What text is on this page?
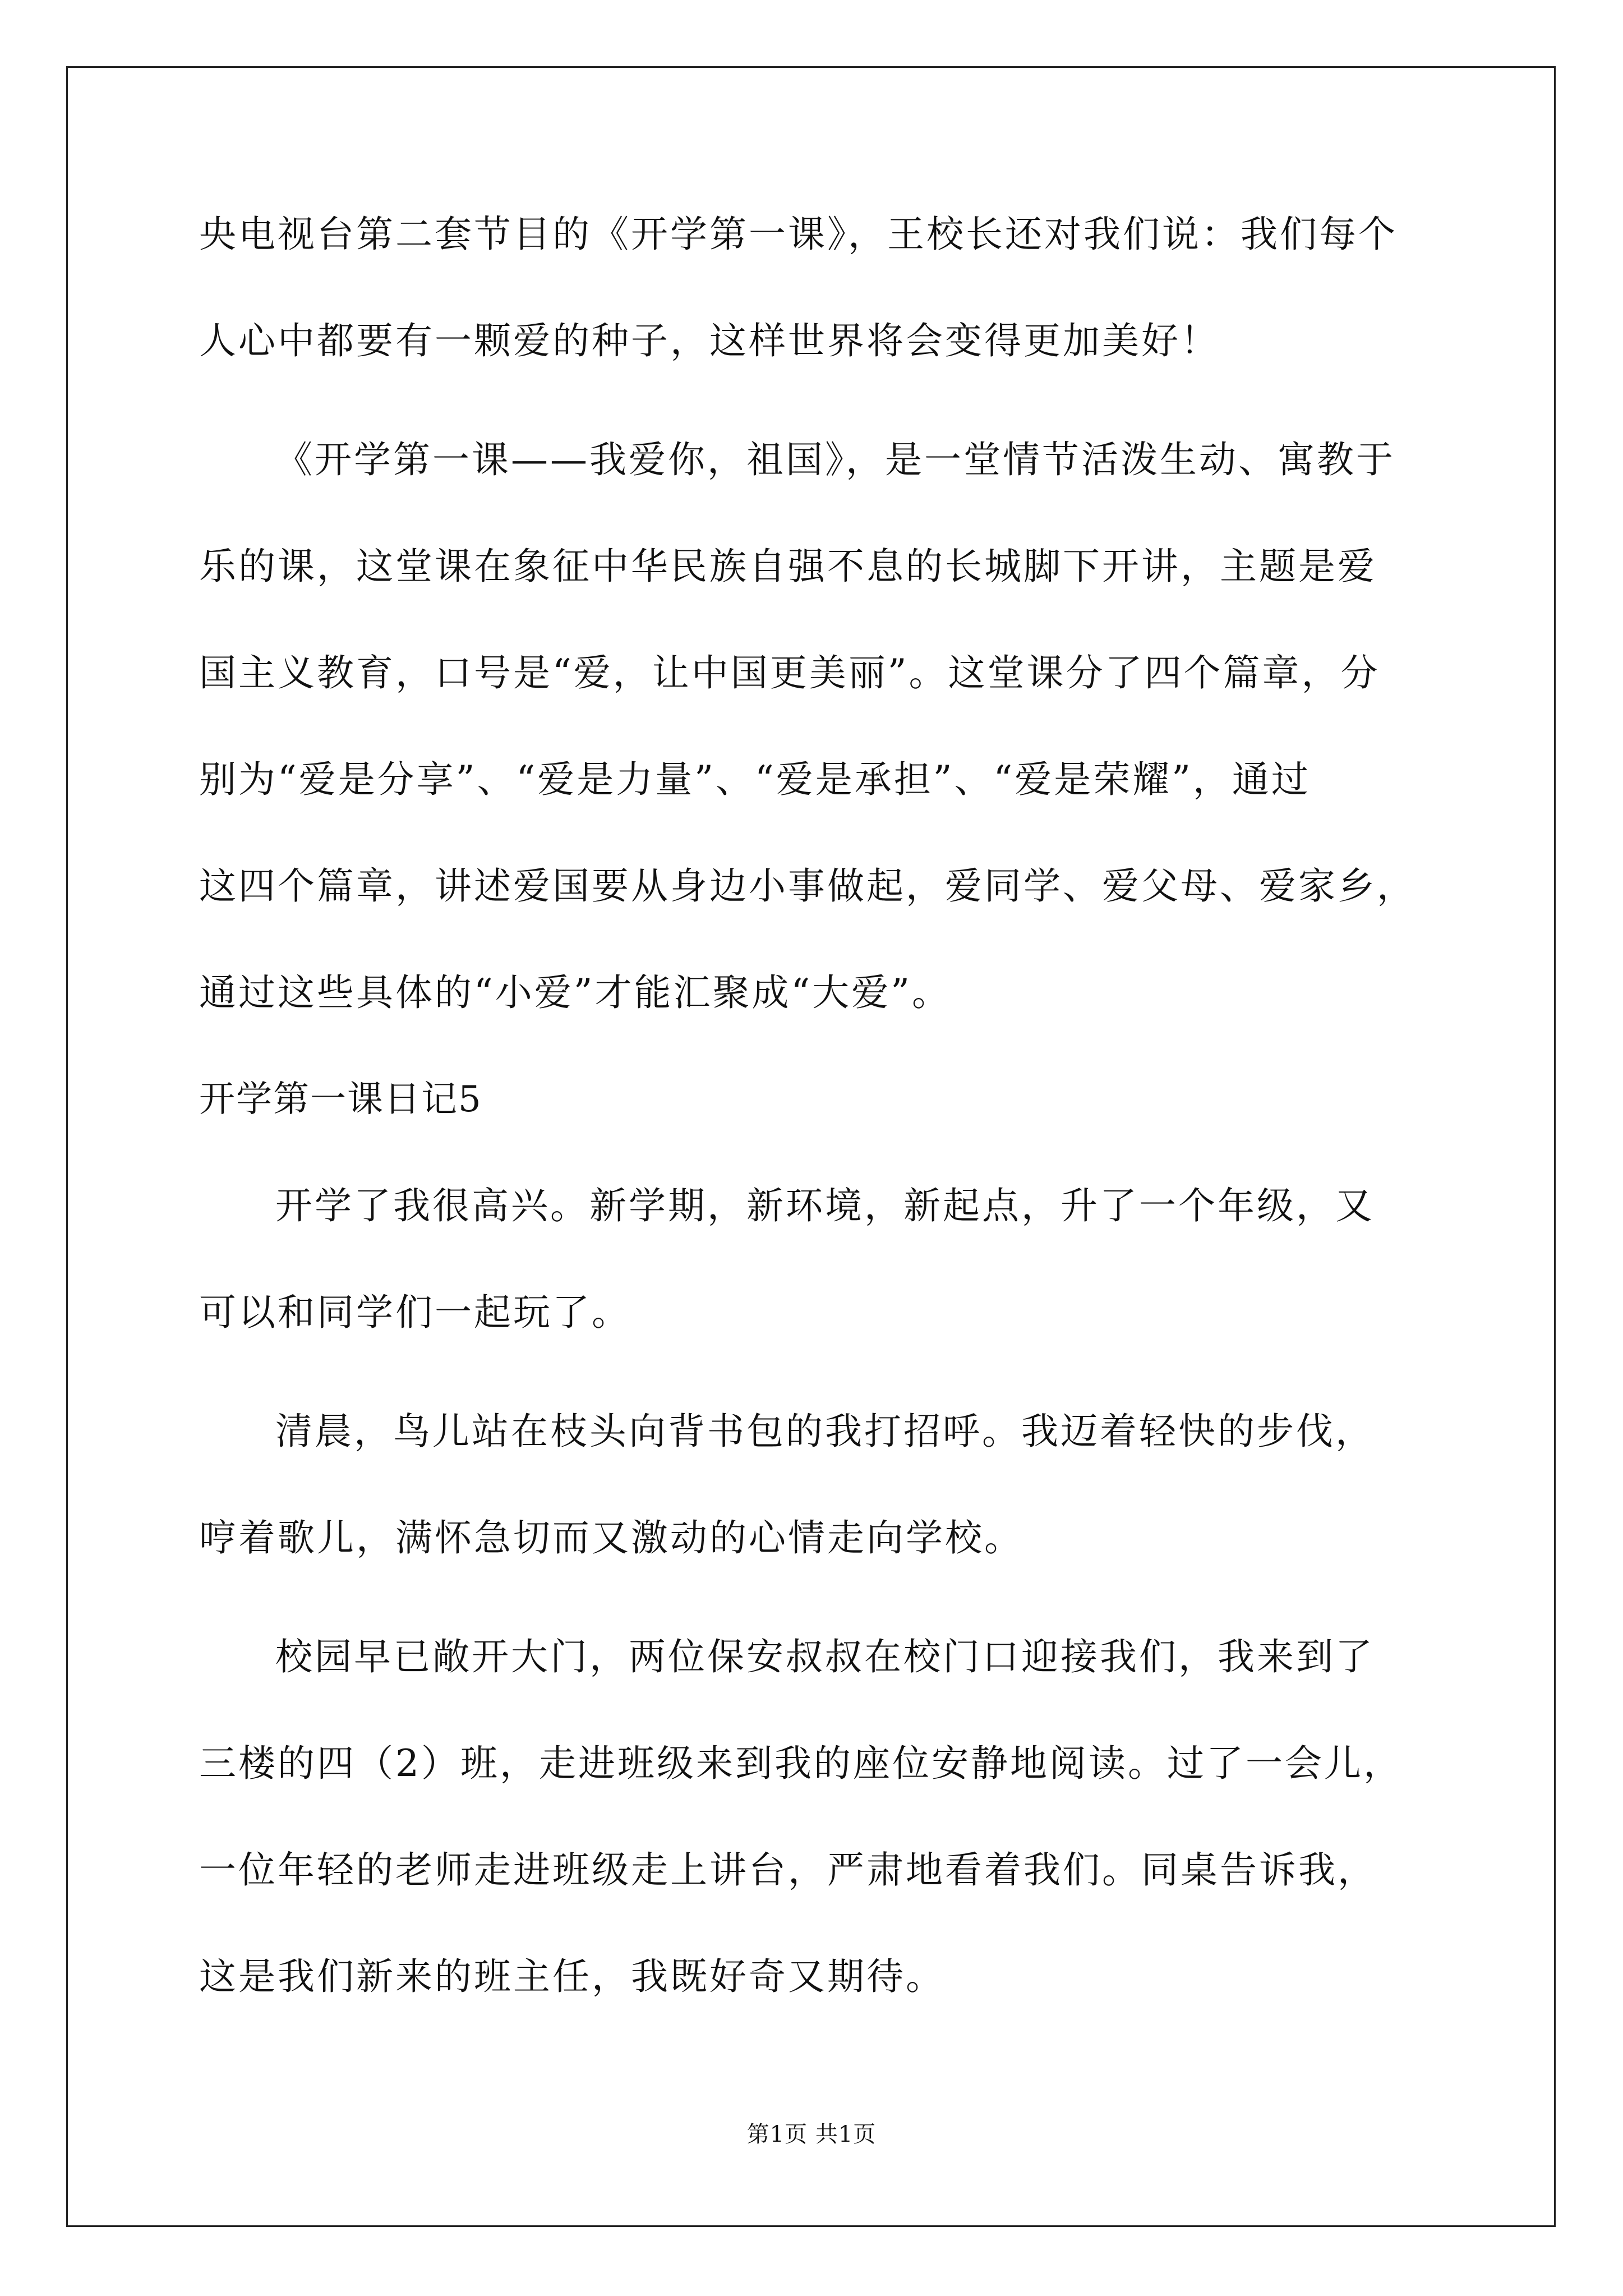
央电视台第二套节目的《开学第一课》，王校长还对我们说：我们每个
人心中都要有一颗爱的种子，这样世界将会变得更加美好！
《开学第一课——我爱你，祖国》，是一堂情节活泼生动、寓教于
乐的课，这堂课在象征中华民族自强不息的长城脚下开讲，主题是爱
国主义教育，口号是“爱，让中国更美丽”。这堂课分了四个篇章，分
别为“爱是分享”、“爱是力量”、“爱是承担”、“爱是荣耀”，通过
这四个篇章，讲述爱国要从身边小事做起，爱同学、爱父母、爱家乡，
通过这些具体的“小爱”才能汇聚成“大爱”。
开学第一课日记5
开学了我很高兴。新学期，新环境，新起点，升了一个年级，又
可以和同学们一起玩了。
清晨，鸟儿站在枝头向背书包的我打招呼。我迈着轻快的步伐，
哼着歌儿，满怀急切而又激动的心情走向学校。
校园早已敞开大门，两位保安叔叔在校门口迎接我们，我来到了
三楼的四（2）班，走进班级来到我的座位安静地阅读。过了一会儿，
一位年轻的老师走进班级走上讲台，严肃地看着我们。同桌告诉我，
这是我们新来的班主任，我既好奇又期待。
第1页 共1页
